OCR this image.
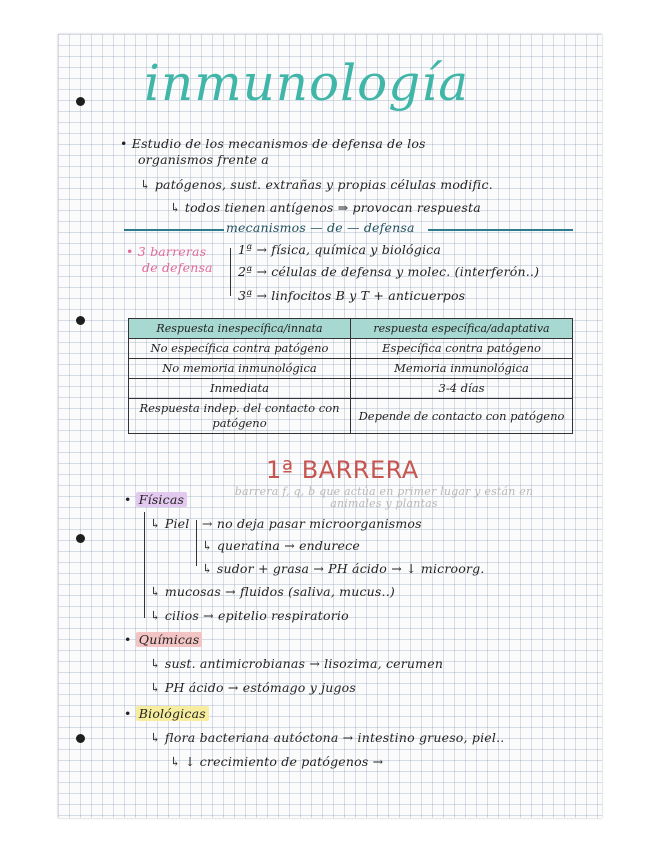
inmunología
• Estudio de los mecanismos de defensa de los
organismos frente a
↳ patógenos, sust. extrañas y propias células modific.
↳ todos tienen antígenos ⇒ provocan respuesta
mecanismos — de — defensa
• 3 barreras
de defensa
1ª → física, química y biológica
2ª → células de defensa y molec. (interferón..)
3ª → linfocitos B y T + anticuerpos
Respuesta inespecífica/innata	respuesta específica/adaptativa
No específica contra patógeno	Específica contra patógeno
No memoria inmunológica	Memoria inmunológica
Inmediata	3-4 días
Respuesta indep. del contacto con patógeno	Depende de contacto con patógeno
1ª BARRERA
barrera f, q, b que actúa en primer lugar y están en animales y plantas
• Físicas
↳ Piel → no deja pasar microorganismos
↳ queratina → endurece
↳ sudor + grasa → PH ácido → ↓ microorg.
↳ mucosas → fluidos (saliva, mucus..)
↳ cilios → epitelio respiratorio
• Químicas
↳ sust. antimicrobianas → lisozima, cerumen
↳ PH ácido → estómago y jugos
• Biológicas
↳ flora bacteriana autóctona → intestino grueso, piel..
↳ ↓ crecimiento de patógenos →
